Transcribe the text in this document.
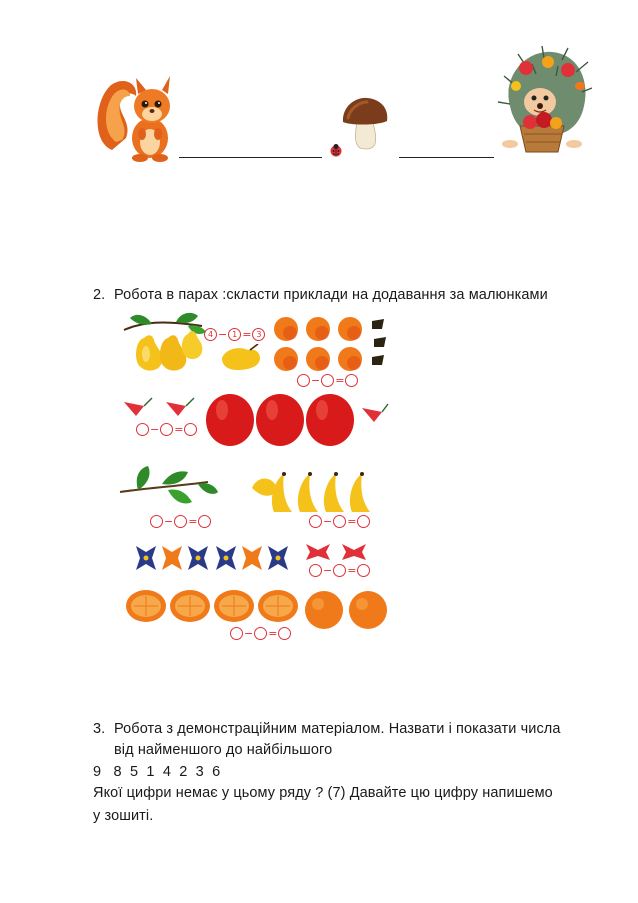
2. Робота в парах :скласти приклади на додавання за малюнками
4 − 1 = 3
− =
− =
− =	− =
− =
− =
3. Робота з демонстраційним матеріалом. Назвати і показати числа
від найменшого до найбільшого
9   8  5  1  4  2  3  6
Якої цифри немає у цьому ряду ? (7) Давайте цю цифру напишемо
у зошиті.
